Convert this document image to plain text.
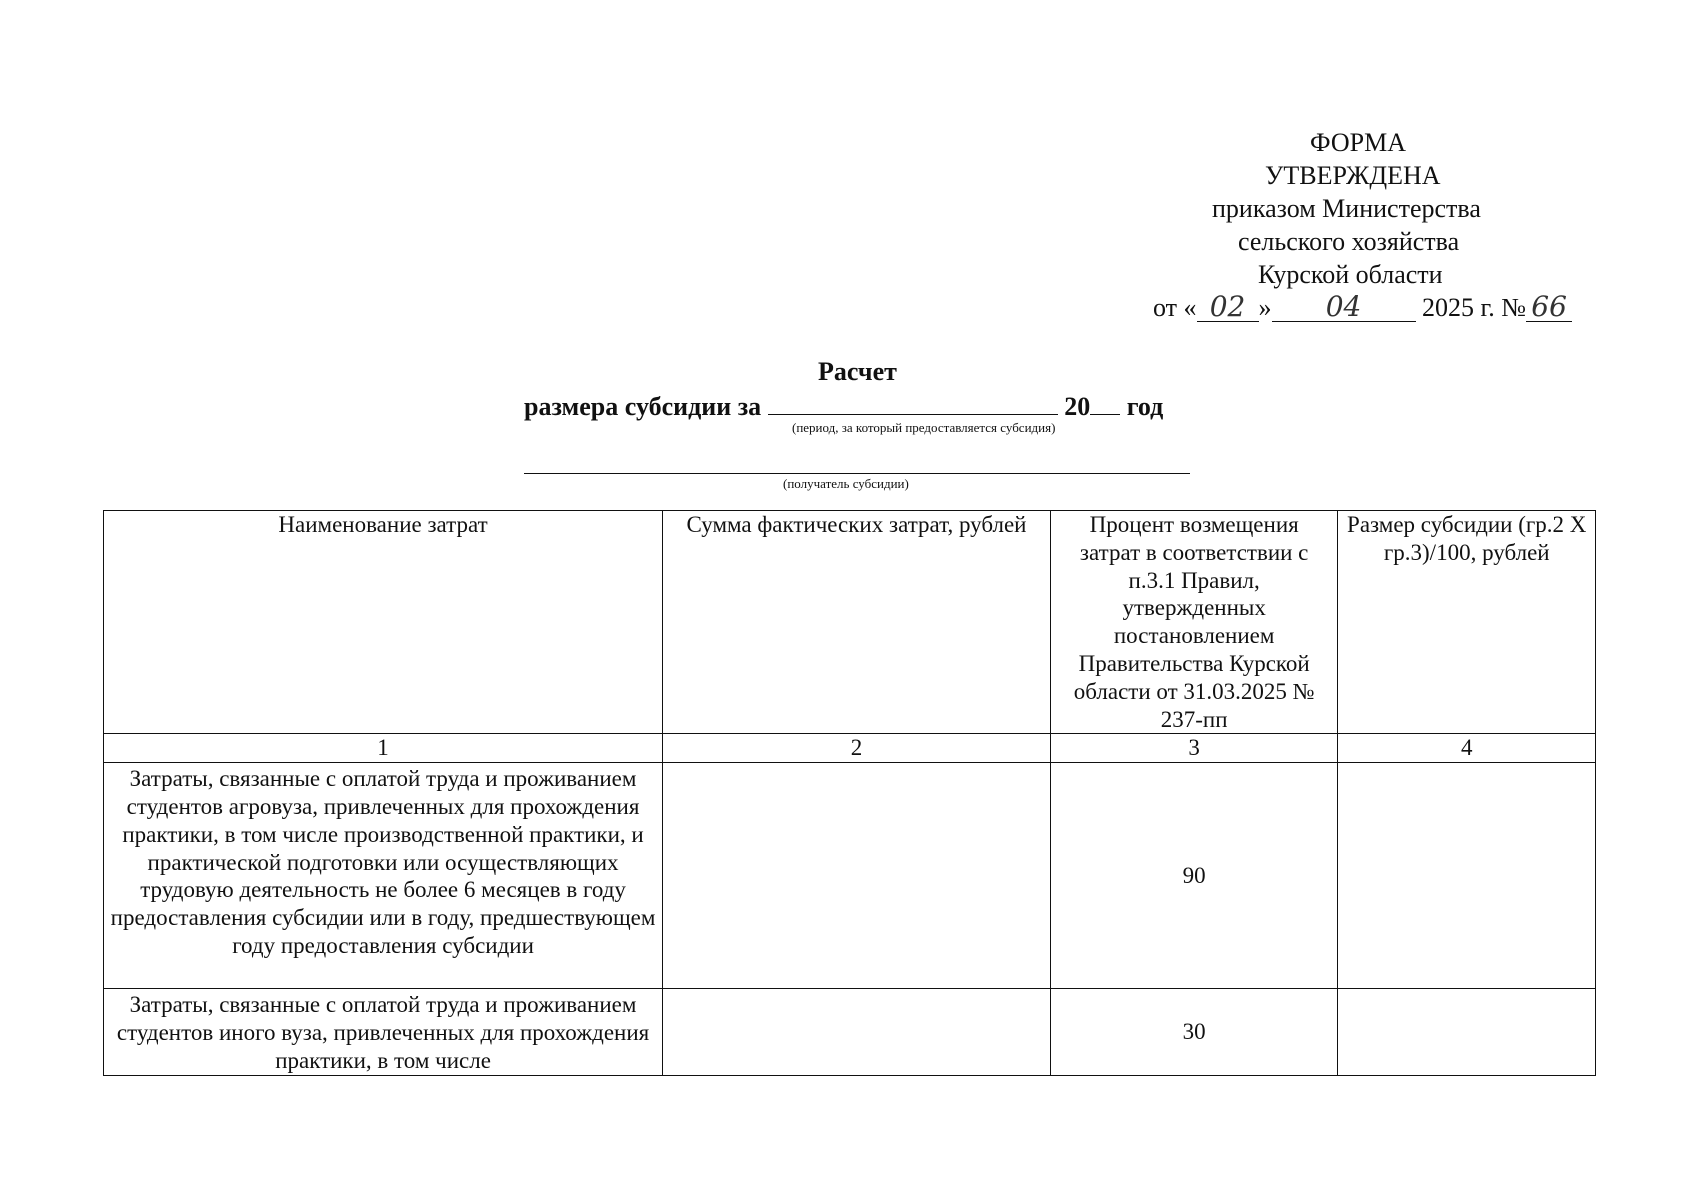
ФОРМА
УТВЕРЖДЕНА
приказом Министерства
сельского хозяйства
Курской области
от « 02 » 04 2025 г. № 66
Расчет
размера субсидии за	20 год
(период, за который предоставляется субсидия)
(получатель субсидии)
Наименование затрат	Сумма фактических затрат, рублей	Процент возмещения затрат в соответствии с п.3.1 Правил, утвержденных постановлением Правительства Курской области от 31.03.2025 № 237-пп	Размер субсидии (гр.2 Х гр.3)/100, рублей
1	2	3	4
Затраты, связанные с оплатой труда и проживанием студентов агровуза, привлеченных для прохождения практики, в том числе производственной практики, и практической подготовки или осуществляющих трудовую деятельность не более 6 месяцев в году предоставления субсидии или в году, предшествующем году предоставления субсидии		90	
Затраты, связанные с оплатой труда и проживанием студентов иного вуза, привлеченных для прохождения практики, в том числе		30	
